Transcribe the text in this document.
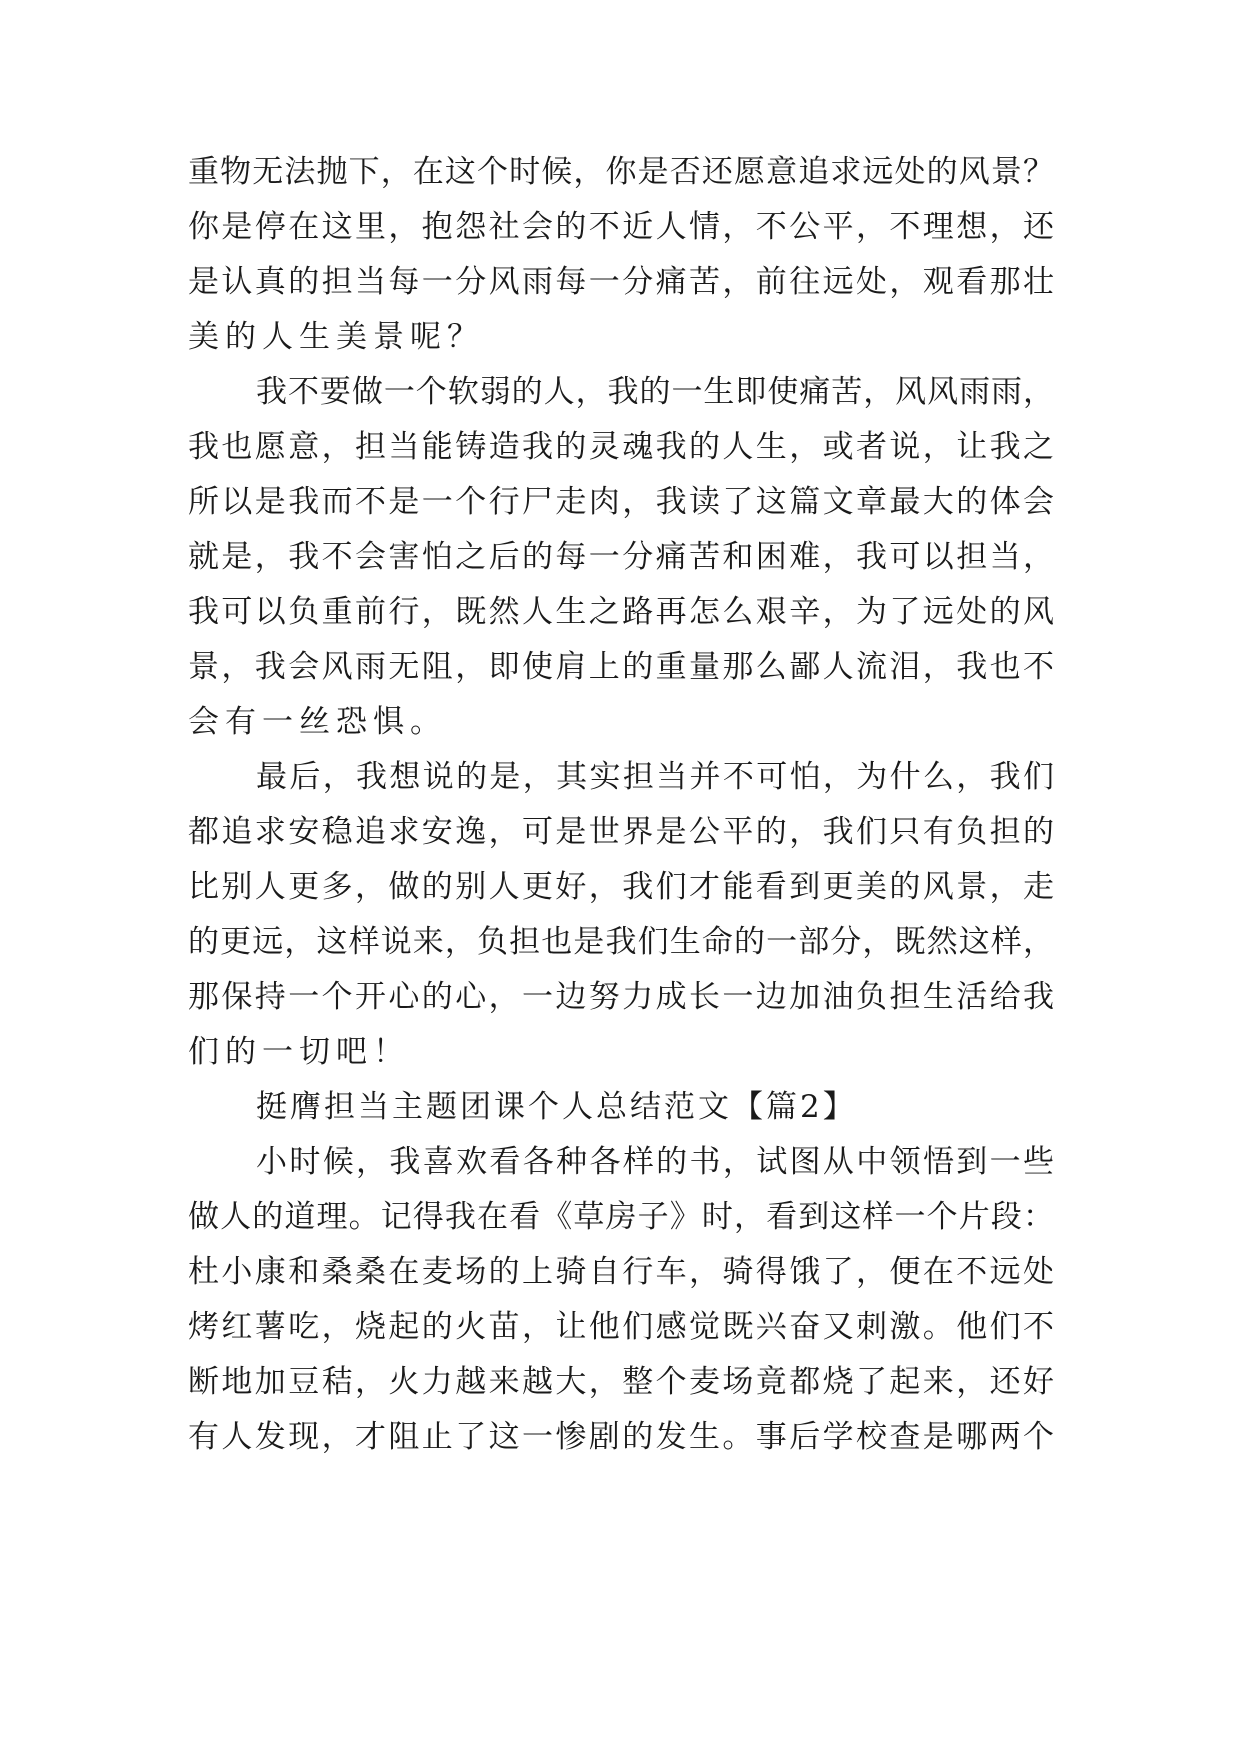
重物无法抛下，在这个时候，你是否还愿意追求远处的风景？
你是停在这里，抱怨社会的不近人情，不公平，不理想，还
是认真的担当每一分风雨每一分痛苦，前往远处，观看那壮
美的人生美景呢？
我不要做一个软弱的人，我的一生即使痛苦，风风雨雨，
我也愿意，担当能铸造我的灵魂我的人生，或者说，让我之
所以是我而不是一个行尸走肉，我读了这篇文章最大的体会
就是，我不会害怕之后的每一分痛苦和困难，我可以担当，
我可以负重前行，既然人生之路再怎么艰辛，为了远处的风
景，我会风雨无阻，即使肩上的重量那么鄙人流泪，我也不
会有一丝恐惧。
最后，我想说的是，其实担当并不可怕，为什么，我们
都追求安稳追求安逸，可是世界是公平的，我们只有负担的
比别人更多，做的别人更好，我们才能看到更美的风景，走
的更远，这样说来，负担也是我们生命的一部分，既然这样，
那保持一个开心的心，一边努力成长一边加油负担生活给我
们的一切吧！
挺膺担当主题团课个人总结范文【篇2】
小时候，我喜欢看各种各样的书，试图从中领悟到一些
做人的道理。记得我在看《草房子》时，看到这样一个片段：
杜小康和桑桑在麦场的上骑自行车，骑得饿了，便在不远处
烤红薯吃，烧起的火苗，让他们感觉既兴奋又刺激。他们不
断地加豆秸，火力越来越大，整个麦场竟都烧了起来，还好
有人发现，才阻止了这一惨剧的发生。事后学校查是哪两个
